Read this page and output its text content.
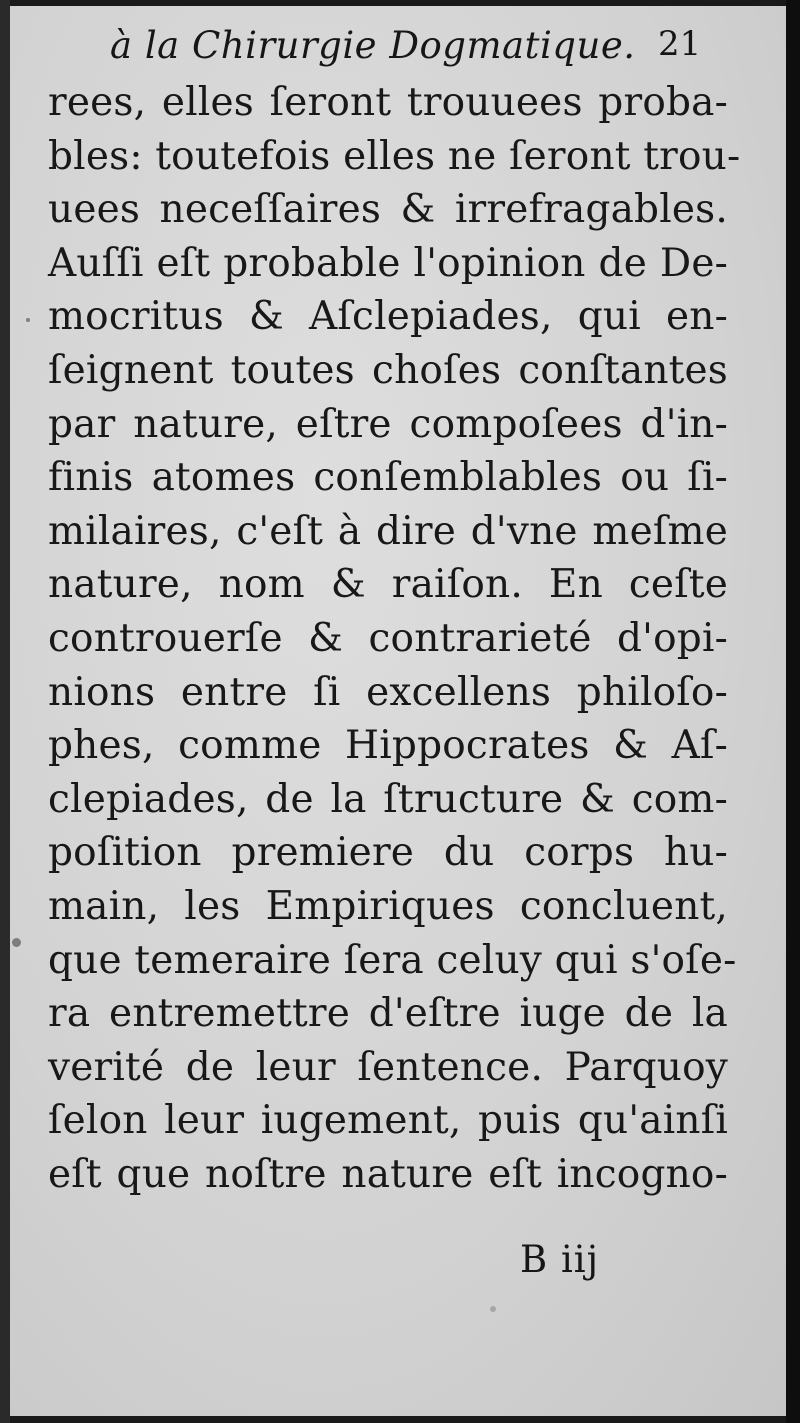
à la Chirurgie Dogmatique. 21
rees, elles ſeront trouuees proba-
bles: toutefois elles ne ſeront trou-
uees neceſſaires & irrefragables.
Auſſi eſt probable l'opinion de De-
mocritus & Aſclepiades, qui en-
ſeignent toutes choſes conſtantes
par nature, eſtre compoſees d'in-
finis atomes conſemblables ou ſi-
milaires, c'eſt à dire d'vne meſme
nature, nom & raiſon. En ceſte
controuerſe & contrarieté d'opi-
nions entre ſi excellens philoſo-
phes, comme Hippocrates & Aſ-
clepiades, de la ſtructure & com-
poſition premiere du corps hu-
main, les Empiriques concluent,
que temeraire ſera celuy qui s'oſe-
ra entremettre d'eſtre iuge de la
verité de leur ſentence. Parquoy
ſelon leur iugement, puis qu'ainſi
eſt que noſtre nature eſt incogno-
B iij
